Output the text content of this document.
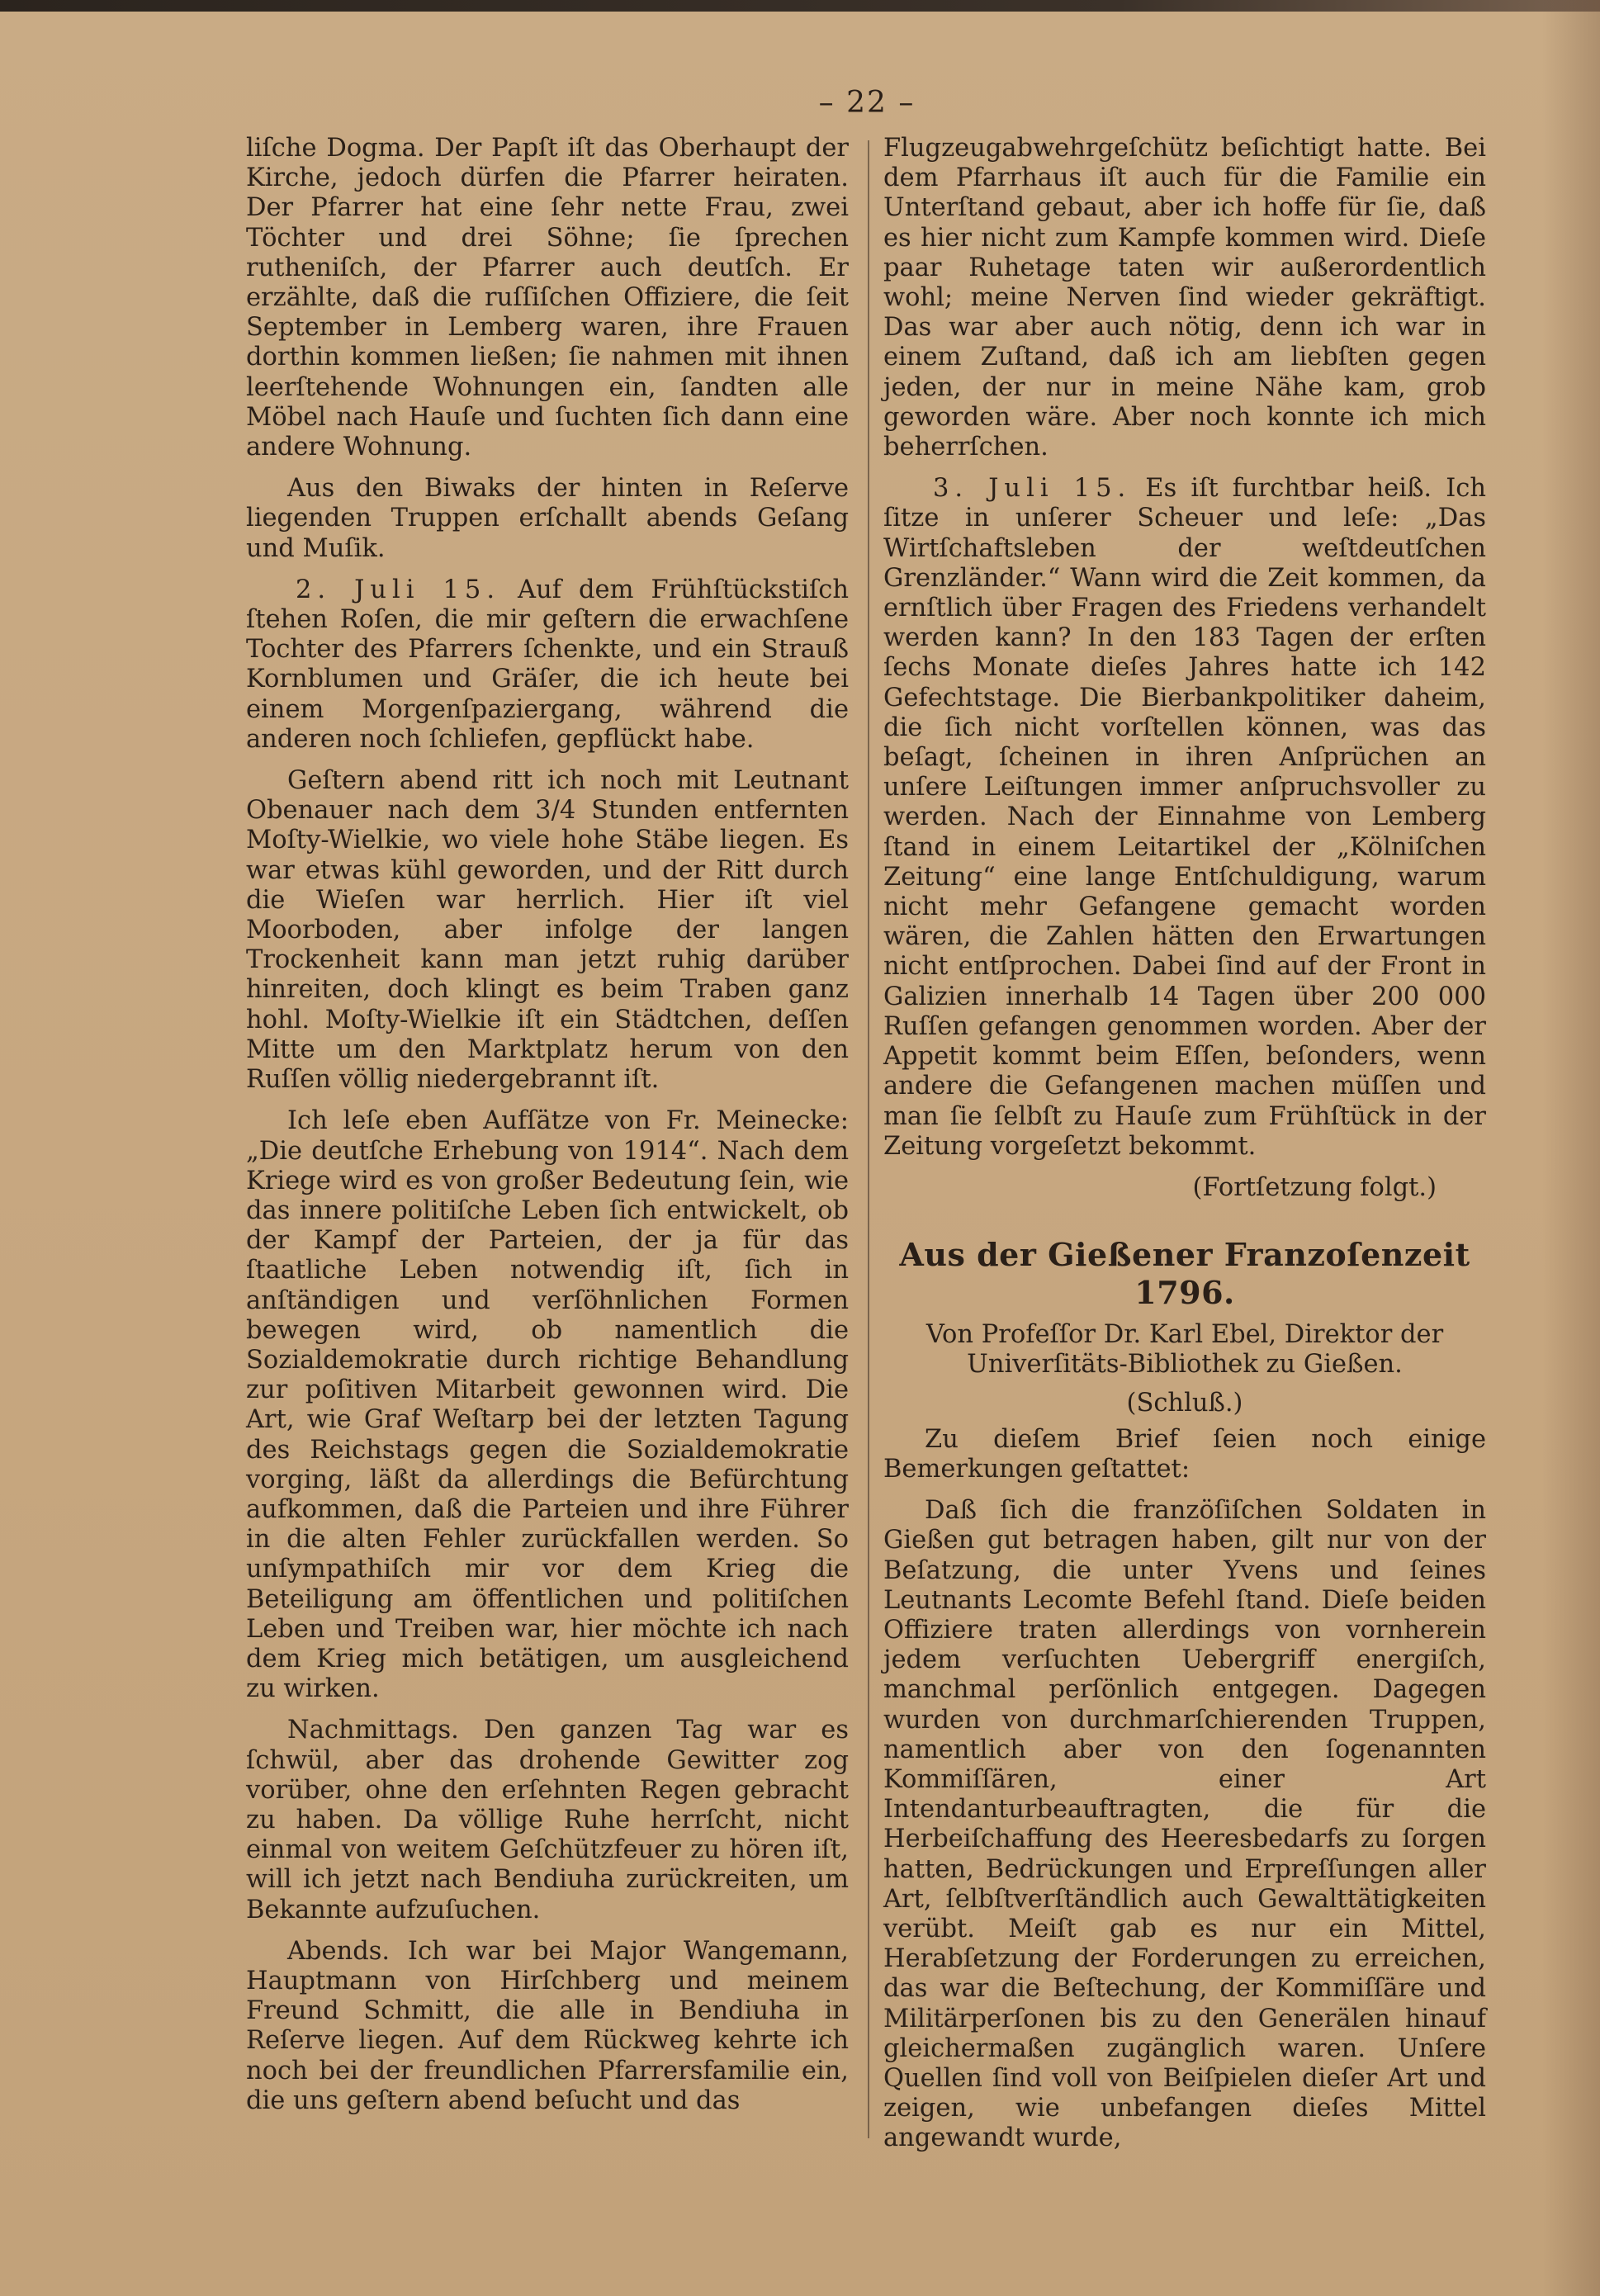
– 22 –

liſche Dogma. Der Papſt iſt das Oberhaupt der Kirche, jedoch dürfen die Pfarrer heiraten. Der Pfarrer hat eine ſehr nette Frau, zwei Töchter und drei Söhne; ſie ſprechen rutheniſch, der Pfarrer auch deutſch. Er erzählte, daß die ruſſiſchen Offiziere, die ſeit September in Lemberg waren, ihre Frauen dorthin kommen ließen; ſie nahmen mit ihnen leerſtehende Wohnungen ein, ſandten alle Möbel nach Hauſe und ſuchten ſich dann eine andere Wohnung.

Aus den Biwaks der hinten in Reſerve liegenden Truppen erſchallt abends Geſang und Muſik.

2. Juli 15. Auf dem Frühſtückstiſch ſtehen Roſen, die mir geſtern die erwachſene Tochter des Pfarrers ſchenkte, und ein Strauß Kornblumen und Gräſer, die ich heute bei einem Morgenſpaziergang, während die anderen noch ſchliefen, gepflückt habe.

Geſtern abend ritt ich noch mit Leutnant Obenauer nach dem 3/4 Stunden entfernten Moſty-Wielkie, wo viele hohe Stäbe liegen. Es war etwas kühl geworden, und der Ritt durch die Wieſen war herrlich. Hier iſt viel Moorboden, aber infolge der langen Trockenheit kann man jetzt ruhig darüber hinreiten, doch klingt es beim Traben ganz hohl. Moſty-Wielkie iſt ein Städtchen, deſſen Mitte um den Marktplatz herum von den Ruſſen völlig niedergebrannt iſt.

Ich leſe eben Aufſätze von Fr. Meinecke: „Die deutſche Erhebung von 1914“. Nach dem Kriege wird es von großer Bedeutung ſein, wie das innere politiſche Leben ſich entwickelt, ob der Kampf der Parteien, der ja für das ſtaatliche Leben notwendig iſt, ſich in anſtändigen und verſöhnlichen Formen bewegen wird, ob namentlich die Sozialdemokratie durch richtige Behandlung zur poſitiven Mitarbeit gewonnen wird. Die Art, wie Graf Weſtarp bei der letzten Tagung des Reichstags gegen die Sozialdemokratie vorging, läßt da allerdings die Befürchtung aufkommen, daß die Parteien und ihre Führer in die alten Fehler zurückfallen werden. So unſympathiſch mir vor dem Krieg die Beteiligung am öffentlichen und politiſchen Leben und Treiben war, hier möchte ich nach dem Krieg mich betätigen, um ausgleichend zu wirken.

Nachmittags. Den ganzen Tag war es ſchwül, aber das drohende Gewitter zog vorüber, ohne den erſehnten Regen gebracht zu haben. Da völlige Ruhe herrſcht, nicht einmal von weitem Geſchützfeuer zu hören iſt, will ich jetzt nach Bendiuha zurückreiten, um Bekannte aufzuſuchen.

Abends. Ich war bei Major Wangemann, Hauptmann von Hirſchberg und meinem Freund Schmitt, die alle in Bendiuha in Reſerve liegen. Auf dem Rückweg kehrte ich noch bei der freundlichen Pfarrersfamilie ein, die uns geſtern abend beſucht und das

Flugzeugabwehrgeſchütz beſichtigt hatte. Bei dem Pfarrhaus iſt auch für die Familie ein Unterſtand gebaut, aber ich hoffe für ſie, daß es hier nicht zum Kampfe kommen wird. Dieſe paar Ruhetage taten wir außerordentlich wohl; meine Nerven ſind wieder gekräftigt. Das war aber auch nötig, denn ich war in einem Zuſtand, daß ich am liebſten gegen jeden, der nur in meine Nähe kam, grob geworden wäre. Aber noch konnte ich mich beherrſchen.

3. Juli 15. Es iſt furchtbar heiß. Ich ſitze in unſerer Scheuer und leſe: „Das Wirtſchaftsleben der weſtdeutſchen Grenzländer.“ Wann wird die Zeit kommen, da ernſtlich über Fragen des Friedens verhandelt werden kann? In den 183 Tagen der erſten ſechs Monate dieſes Jahres hatte ich 142 Gefechtstage. Die Bierbankpolitiker daheim, die ſich nicht vorſtellen können, was das beſagt, ſcheinen in ihren Anſprüchen an unſere Leiſtungen immer anſpruchsvoller zu werden. Nach der Einnahme von Lemberg ſtand in einem Leitartikel der „Kölniſchen Zeitung“ eine lange Entſchuldigung, warum nicht mehr Gefangene gemacht worden wären, die Zahlen hätten den Erwartungen nicht entſprochen. Dabei ſind auf der Front in Galizien innerhalb 14 Tagen über 200 000 Ruſſen gefangen genommen worden. Aber der Appetit kommt beim Eſſen, beſonders, wenn andere die Gefangenen machen müſſen und man ſie ſelbſt zu Hauſe zum Frühſtück in der Zeitung vorgeſetzt bekommt.

(Fortſetzung folgt.)

Aus der Gießener Franzoſenzeit 1796.

Von Profeſſor Dr. Karl Ebel, Direktor der Univerſitäts-Bibliothek zu Gießen.

(Schluß.)

Zu dieſem Brief ſeien noch einige Bemerkungen geſtattet:

Daß ſich die franzöſiſchen Soldaten in Gießen gut betragen haben, gilt nur von der Beſatzung, die unter Yvens und ſeines Leutnants Lecomte Befehl ſtand. Dieſe beiden Offiziere traten allerdings von vornherein jedem verſuchten Uebergriff energiſch, manchmal perſönlich entgegen. Dagegen wurden von durchmarſchierenden Truppen, namentlich aber von den ſogenannten Kommiſſären, einer Art Intendanturbeauftragten, die für die Herbeiſchaffung des Heeresbedarfs zu ſorgen hatten, Bedrückungen und Erpreſſungen aller Art, ſelbſtverſtändlich auch Gewalttätigkeiten verübt. Meiſt gab es nur ein Mittel, Herabſetzung der Forderungen zu erreichen, das war die Beſtechung, der Kommiſſäre und Militärperſonen bis zu den Generälen hinauf gleichermaßen zugänglich waren. Unſere Quellen ſind voll von Beiſpielen dieſer Art und zeigen, wie unbefangen dieſes Mittel angewandt wurde,
